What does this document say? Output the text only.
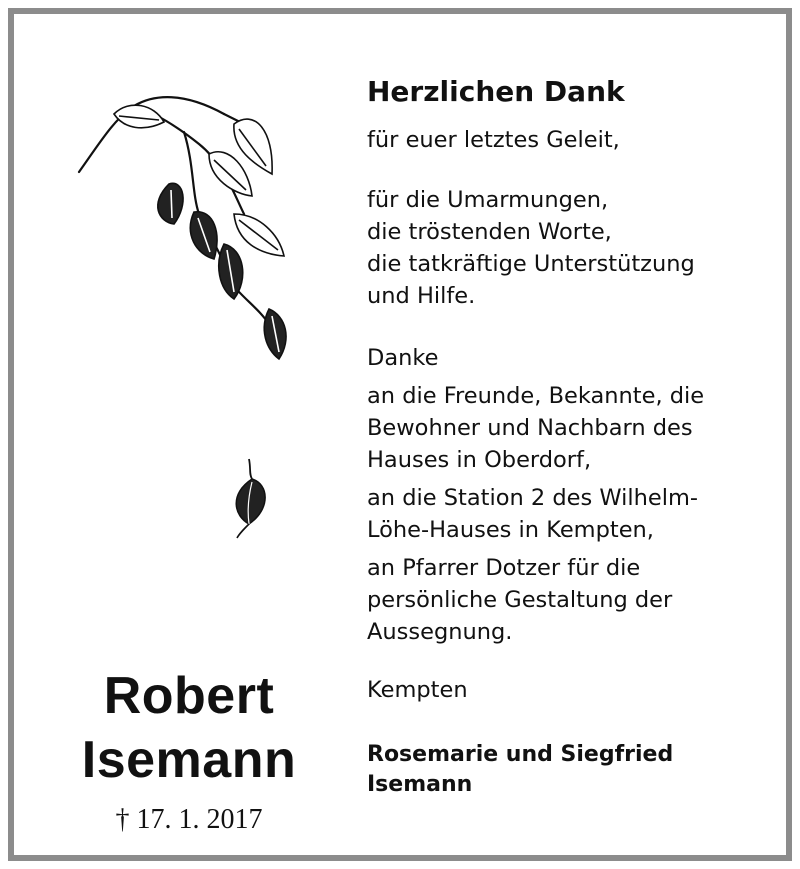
Herzlichen Dank
für euer letztes Geleit,
für die Umarmungen,
die tröstenden Worte,
die tatkräftige Unterstützung
und Hilfe.
Danke
an die Freunde, Bekannte, die
Bewohner und Nachbarn des
Hauses in Oberdorf,
an die Station 2 des Wilhelm-
Löhe-Hauses in Kempten,
an Pfarrer Dotzer für die
persönliche Gestaltung der
Aussegnung.
Kempten
Rosemarie und Siegfried
Isemann
Robert
Isemann
† 17. 1. 2017
